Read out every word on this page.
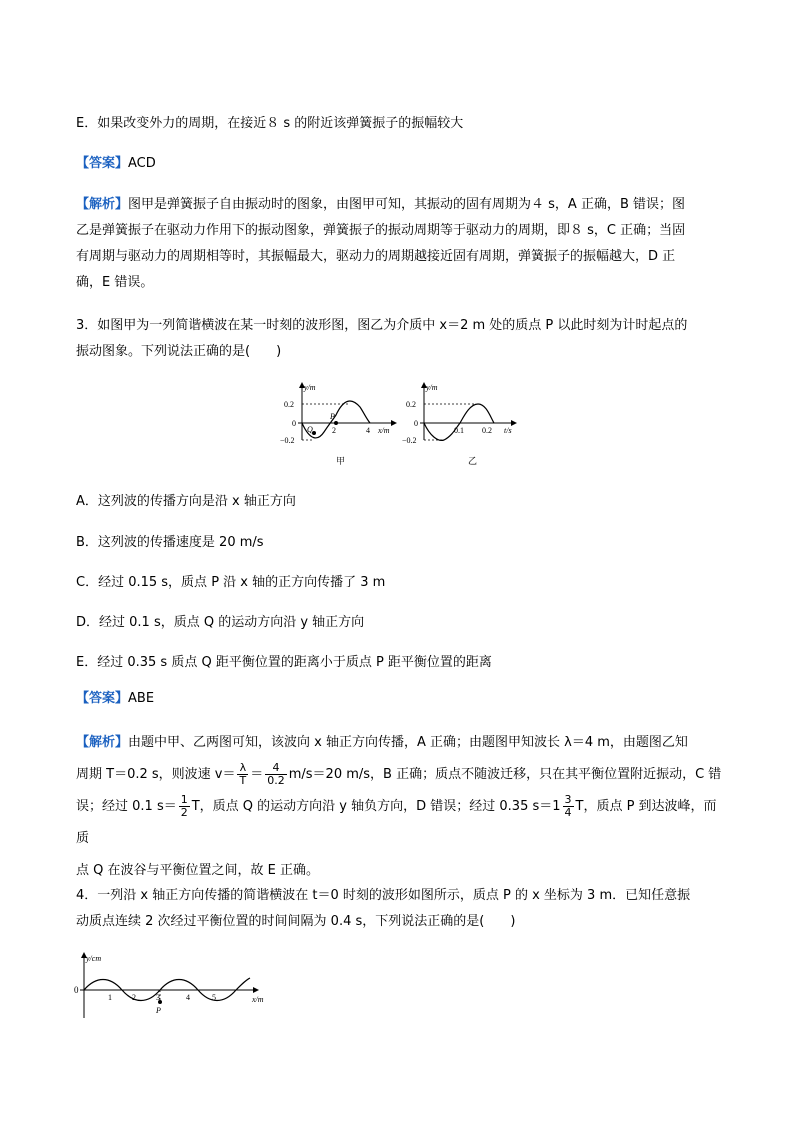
E．如果改变外力的周期，在接近８ s 的附近该弹簧振子的振幅较大
【答案】ACD
【解析】图甲是弹簧振子自由振动时的图象，由图甲可知，其振动的固有周期为４ s，A 正确，B 错误；图
乙是弹簧振子在驱动力作用下的振动图象，弹簧振子的振动周期等于驱动力的周期，即８ s，C 正确；当固
有周期与驱动力的周期相等时，其振幅最大，驱动力的周期越接近固有周期，弹簧振子的振幅越大，D 正
确，E 错误。
3．如图甲为一列简谐横波在某一时刻的波形图，图乙为介质中 x＝2 m 处的质点 P 以此时刻为计时起点的
振动图象。下列说法正确的是(　　)
y/m
x/m
0.2
0
−0.2
2	4
Q
P
甲
y/m
t/s
0.2
0
−0.2
0.1 0.2
乙
A．这列波的传播方向是沿 x 轴正方向
B．这列波的传播速度是 20 m/s
C．经过 0.15 s，质点 P 沿 x 轴的正方向传播了 3 m
D．经过 0.1 s，质点 Q 的运动方向沿 y 轴正方向
E．经过 0.35 s 质点 Q 距平衡位置的距离小于质点 P 距平衡位置的距离
【答案】ABE
【解析】由题中甲、乙两图可知，该波向 x 轴正方向传播，A 正确；由题图甲知波长 λ＝4 m，由题图乙知
周期 T＝0.2 s，则波速 $v= \frac{\lambda}{T} = \frac{4}{0.2} m/s=20$ m/s，B 正确；质点不随波迁移，只在其平衡位置附近振动，C 错
误；经过 0.1 $s= \frac{1}{2}$ T，质点 Q 的运动方向沿 y 轴负方向，D 错误；经过 0.35 $s=1 \frac{3}{4}$ T，质点 P 到达波峰，而质
点 Q 在波谷与平衡位置之间，故 E 正确。
4．一列沿 x 轴正方向传播的简谐横波在 t＝0 时刻的波形如图所示，质点 P 的 x 坐标为 3 m．已知任意振
动质点连续 2 次经过平衡位置的时间间隔为 0.4 s，下列说法正确的是(　　)
y/cm
x/m
0
1	2	3	4	5
P
